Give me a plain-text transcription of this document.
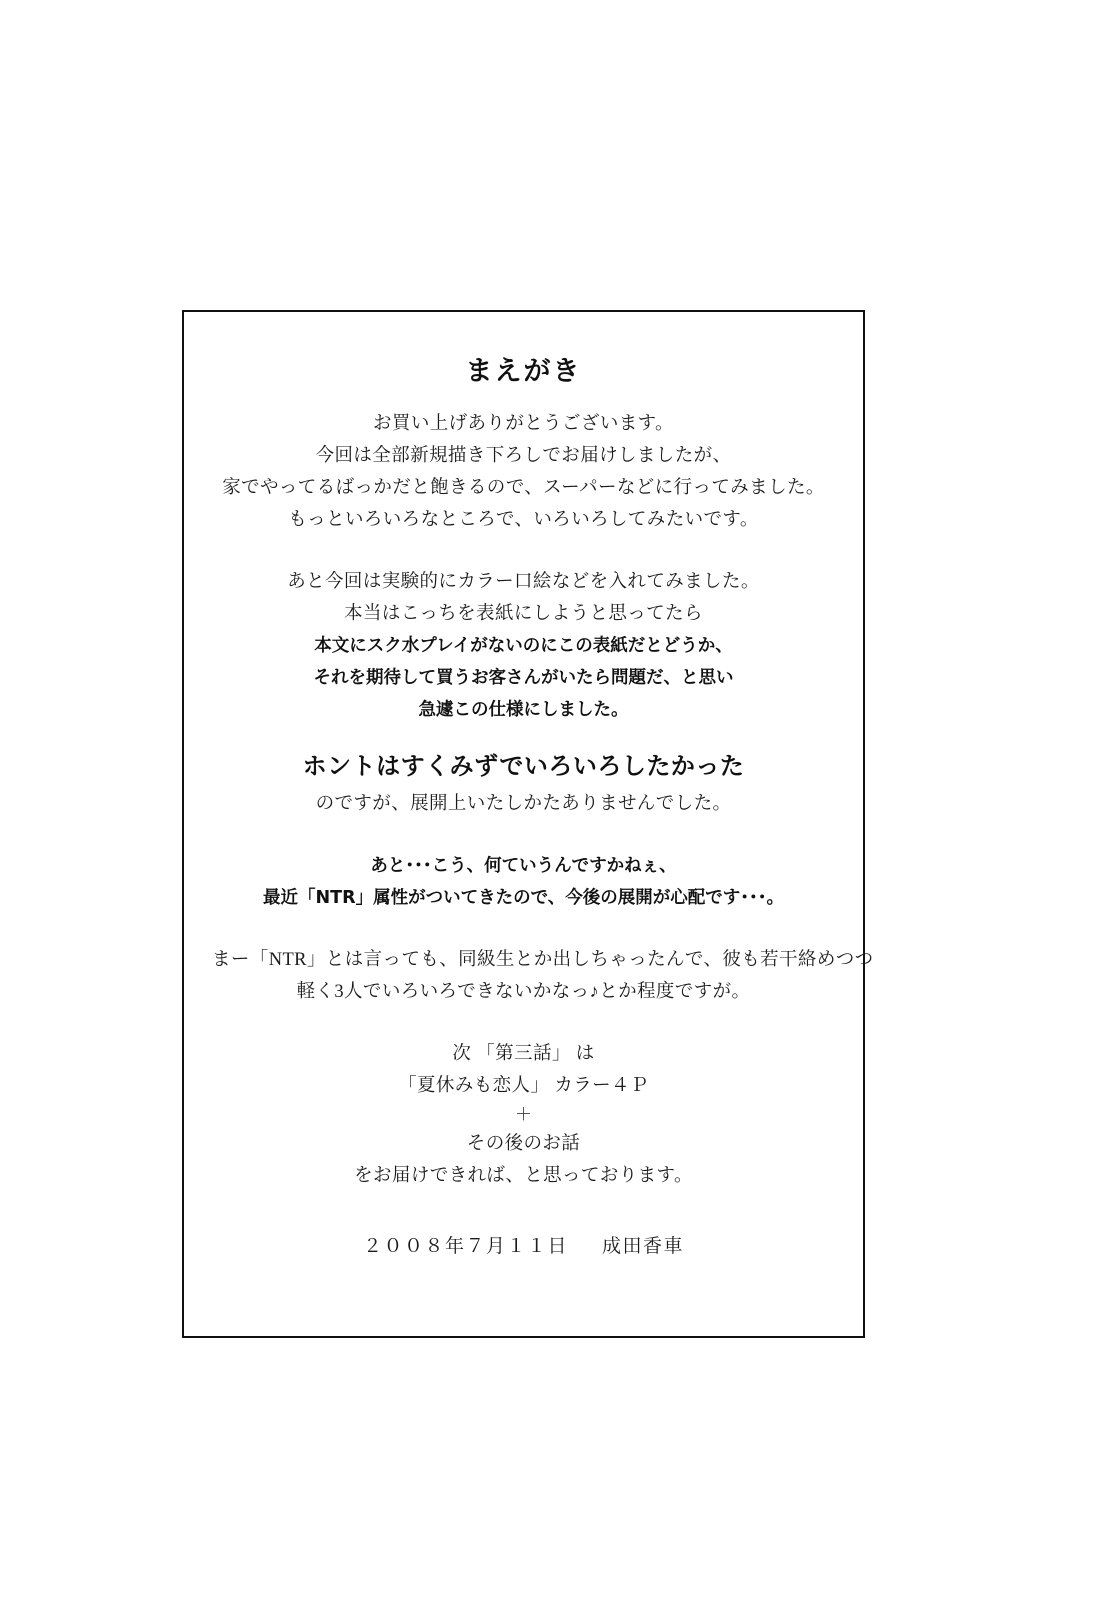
まえがき
お買い上げありがとうございます。
今回は全部新規描き下ろしでお届けしましたが、
家でやってるばっかだと飽きるので、スーパーなどに行ってみました。
もっといろいろなところで、いろいろしてみたいです。
あと今回は実験的にカラー口絵などを入れてみました。
本当はこっちを表紙にしようと思ってたら
本文にスク水プレイがないのにこの表紙だとどうか、
それを期待して買うお客さんがいたら問題だ、と思い
急遽この仕様にしました。
ホントはすくみずでいろいろしたかった
のですが、展開上いたしかたありませんでした。
あと･･･こう、何ていうんですかねぇ、
最近「NTR」属性がついてきたので、今後の展開が心配です･･･。
まー「NTR」とは言っても、同級生とか出しちゃったんで、彼も若干絡めつつ
軽く3人でいろいろできないかなっ♪とか程度ですが。
次 「第三話」 は
「夏休みも恋人」 カラー４Ｐ
＋
その後のお話
をお届けできれば、と思っております。
２００８年７月１１日 成田香車
